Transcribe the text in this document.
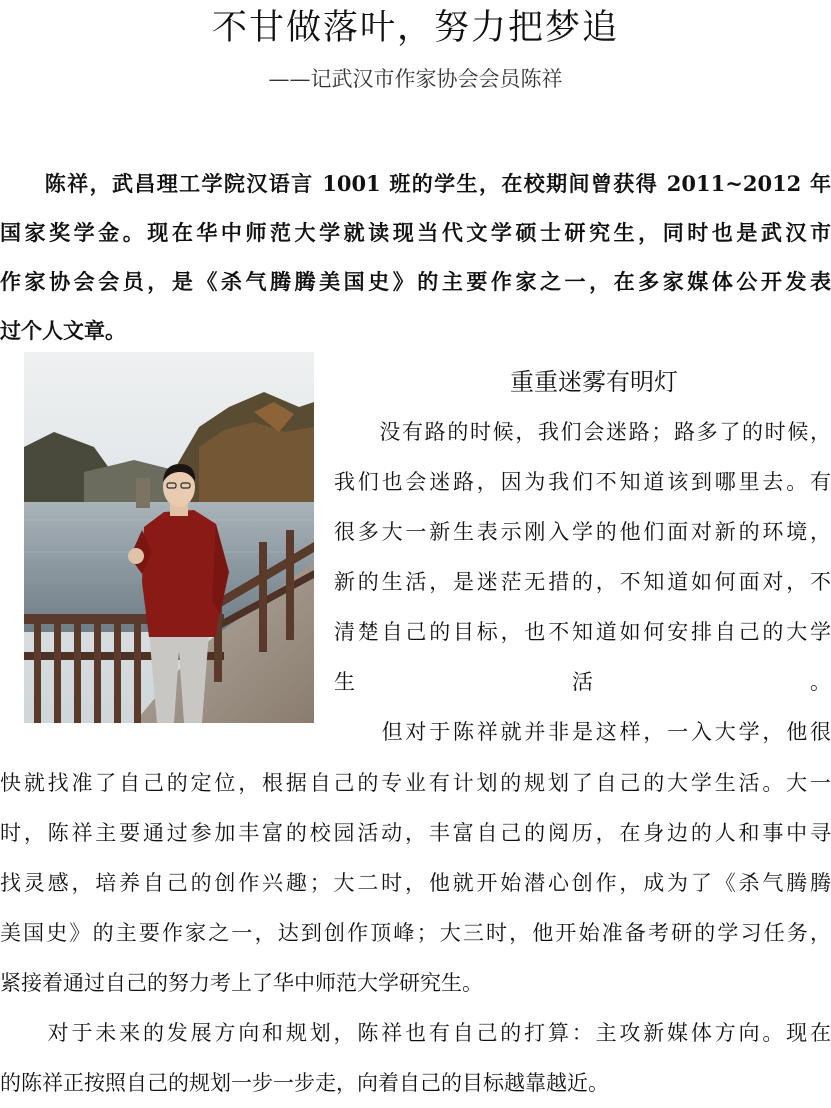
不甘做落叶，努力把梦追
——记武汉市作家协会会员陈祥
　　陈祥，武昌理工学院汉语言 1001 班的学生，在校期间曾获得 2011~2012 年
国家奖学金。现在华中师范大学就读现当代文学硕士研究生，同时也是武汉市
作家协会会员，是《杀气腾腾美国史》的主要作家之一，在多家媒体公开发表
过个人文章。
重重迷雾有明灯
　　没有路的时候，我们会迷路；路多了的时候，
我们也会迷路，因为我们不知道该到哪里去。有
很多大一新生表示刚入学的他们面对新的环境，
新的生活，是迷茫无措的，不知道如何面对，不
清楚自己的目标，也不知道如何安排自己的大学
生活。
　　但对于陈祥就并非是这样，一入大学，他很
快就找准了自己的定位，根据自己的专业有计划的规划了自己的大学生活。大一
时，陈祥主要通过参加丰富的校园活动，丰富自己的阅历，在身边的人和事中寻
找灵感，培养自己的创作兴趣；大二时，他就开始潜心创作，成为了《杀气腾腾
美国史》的主要作家之一，达到创作顶峰；大三时，他开始准备考研的学习任务，
紧接着通过自己的努力考上了华中师范大学研究生。
　　对于未来的发展方向和规划，陈祥也有自己的打算：主攻新媒体方向。现在
的陈祥正按照自己的规划一步一步走，向着自己的目标越靠越近。
